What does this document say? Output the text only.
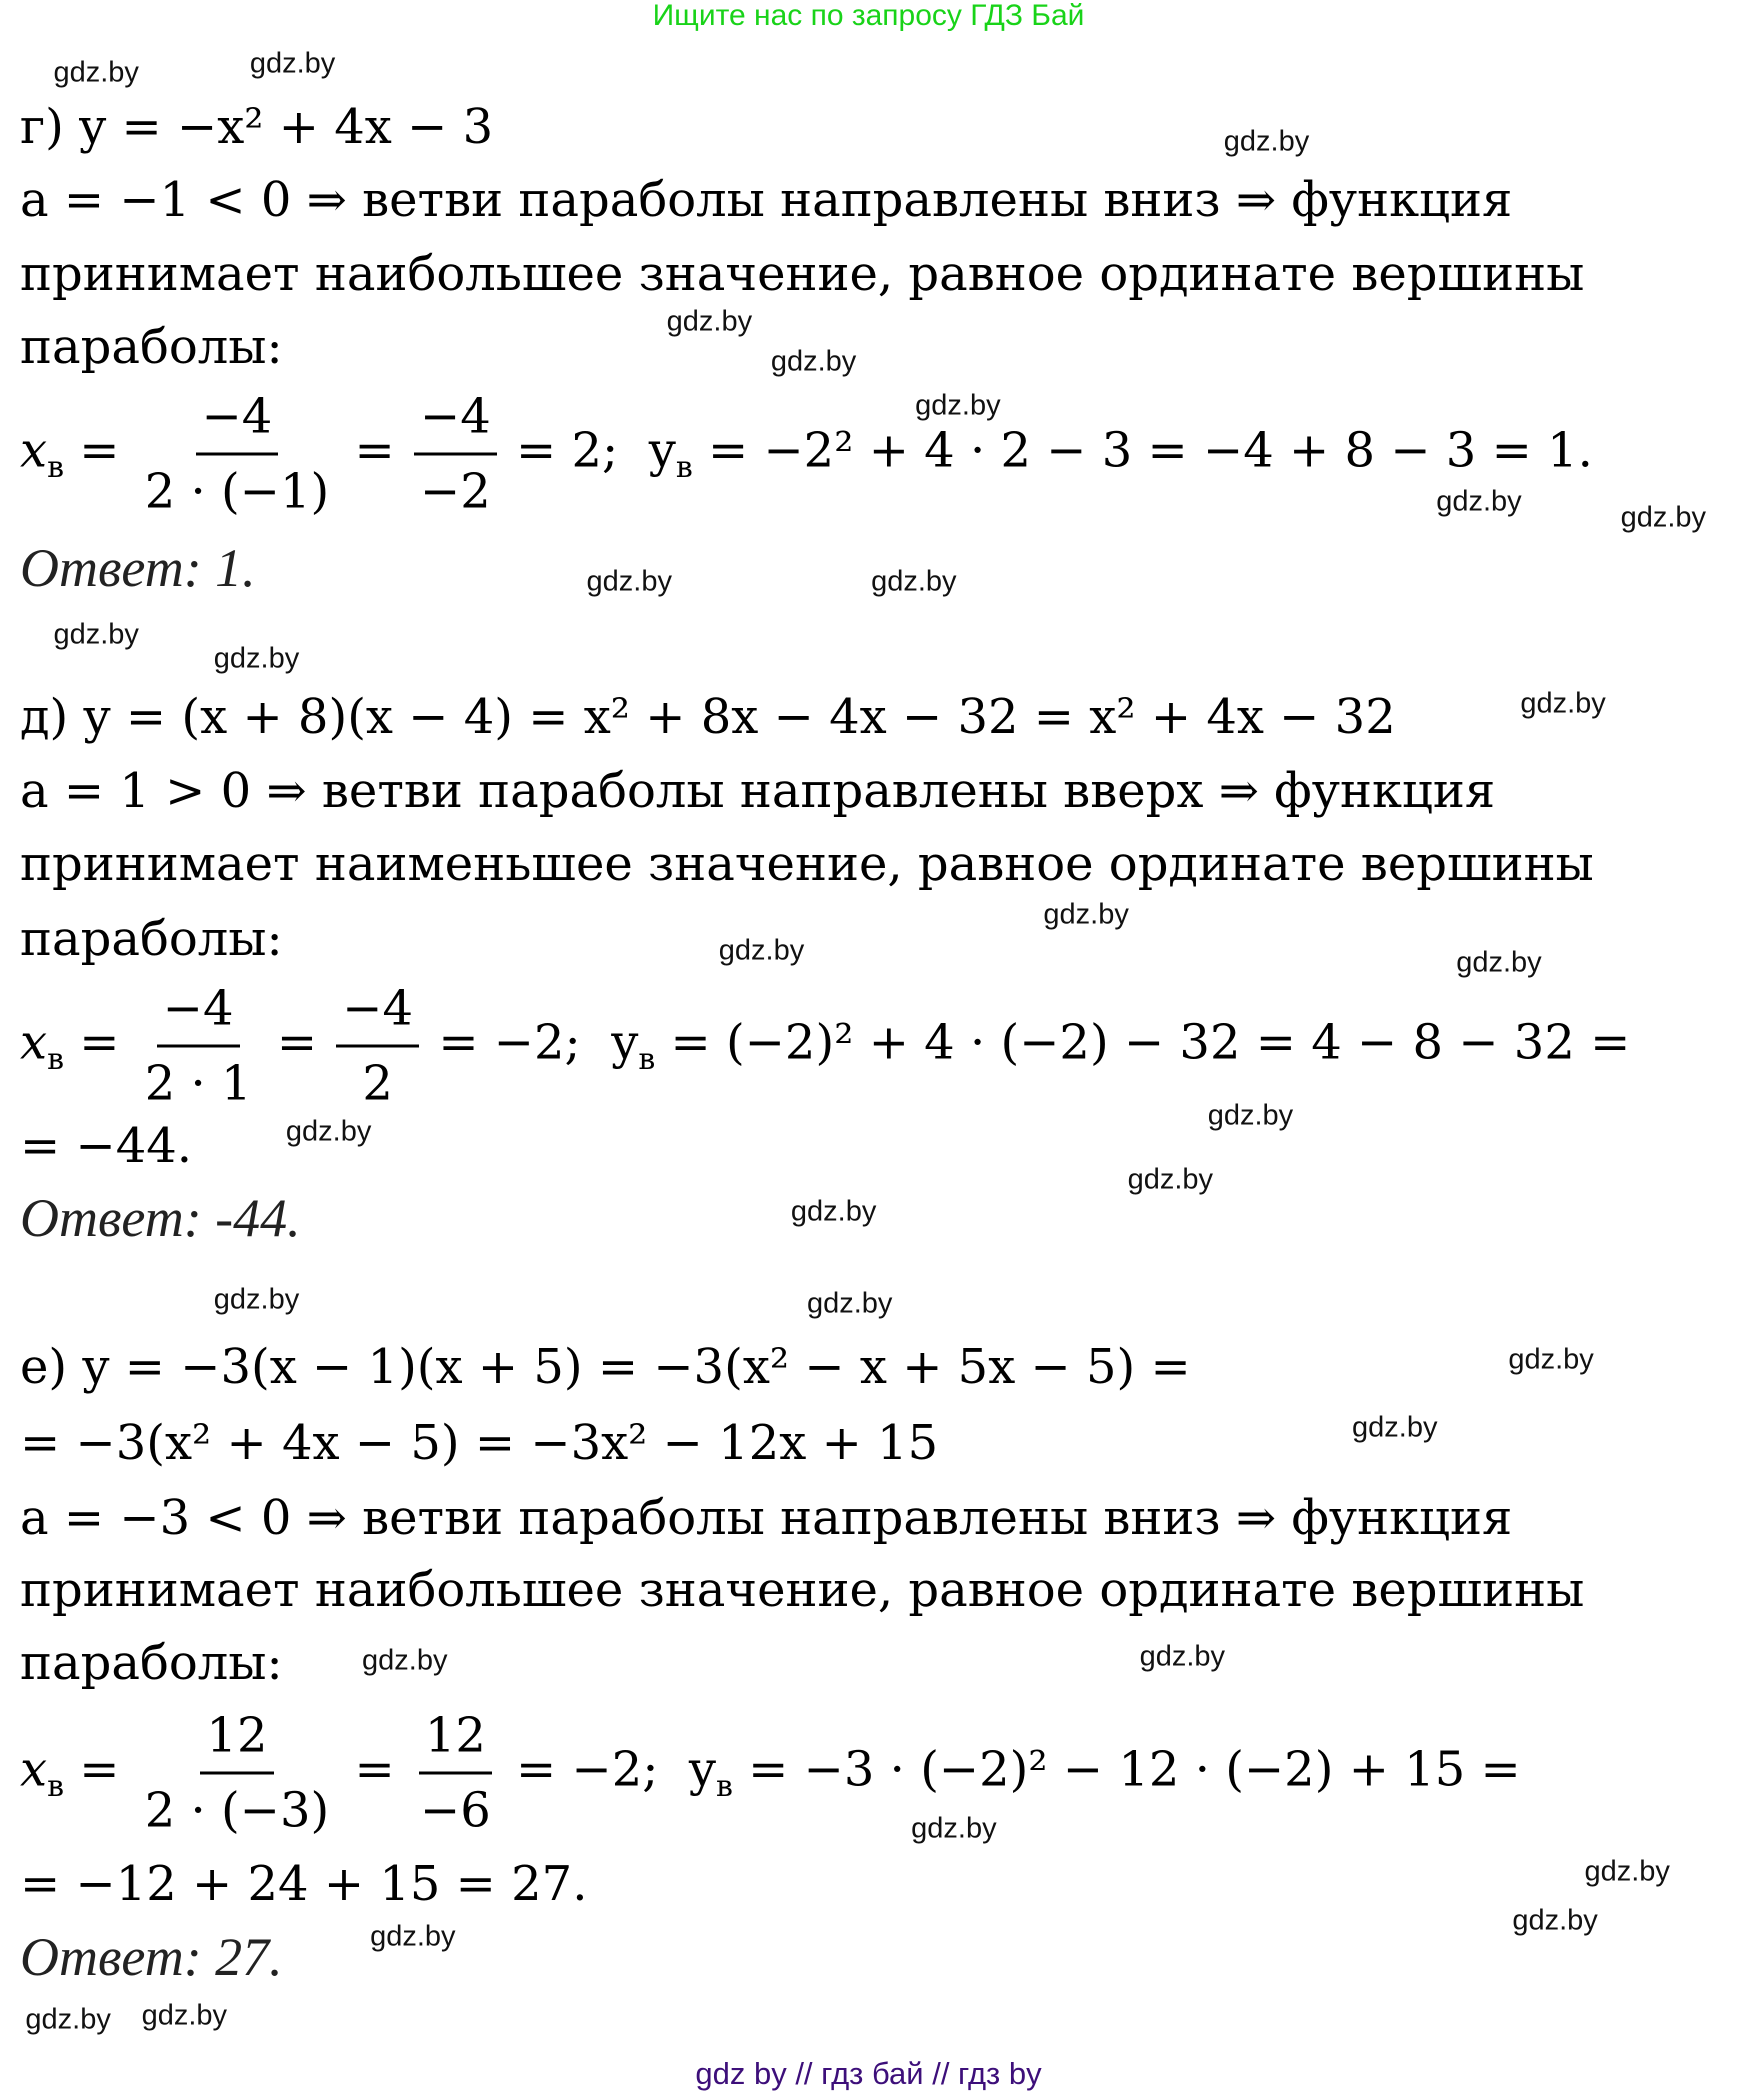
Ищите нас по запросу ГДЗ Бай
г) y = −x² + 4x − 3
a = −1 < 0 ⇒ ветви параболы направлены вниз ⇒ функция
принимает наибольшее значение, равное ординате вершины
параболы:
$x_в = \frac{-4}{2 \cdot (-1)} = \frac{-4}{-2} = 2$;  $y_в = -2^2 + 4 \cdot 2 - 3 = -4 + 8 - 3 = 1$.
Ответ: 1.
д) y = (x + 8)(x − 4) = x² + 8x − 4x − 32 = x² + 4x − 32
a = 1 > 0 ⇒ ветви параболы направлены вверх ⇒ функция
принимает наименьшее значение, равное ординате вершины
параболы:
$x_в = \frac{-4}{2 \cdot 1} = \frac{-4}{2} = -2$;  $y_в = (-2)^2 + 4 \cdot (-2) - 32 = 4 - 8 - 32$ =
= −44.
Ответ: -44.
е) y = −3(x − 1)(x + 5) = −3(x² − x + 5x − 5) =
= −3(x² + 4x − 5) = −3x² − 12x + 15
a = −3 < 0 ⇒ ветви параболы направлены вниз ⇒ функция
принимает наибольшее значение, равное ординате вершины
параболы:
$x_в = \frac{12}{2 \cdot (-3)} = \frac{12}{-6} = -2$;  $y_в = -3 \cdot (-2)^2 - 12 \cdot (-2) + 15$ =
= −12 + 24 + 15 = 27.
Ответ: 27.
gdz by // гдз бай // гдз by
gdz.by	gdz.by
gdz.by
gdz.by
gdz.by
gdz.by
gdz.by
gdz.by
gdz.by	gdz.by
gdz.by
gdz.by
gdz.by
gdz.by
gdz.by	gdz.by
gdz.by
gdz.by
gdz.by
gdz.by
gdz.by	gdz.by
gdz.by
gdz.by
gdz.by	gdz.by
gdz.by
gdz.by
gdz.by
gdz.by
gdz.by gdz.by
